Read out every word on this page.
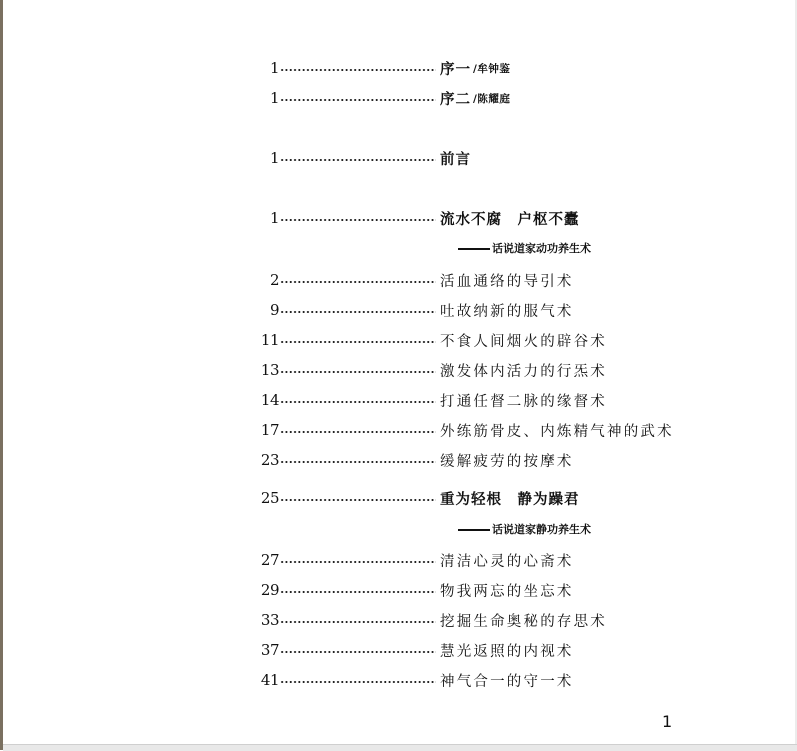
1	序一 /牟钟鉴
1	序二 /陈耀庭
1	前言
1	流水不腐　户枢不蠹
话说道家动功养生术
2	活血通络的导引术
9	吐故纳新的服气术
11	不食人间烟火的辟谷术
13	激发体内活力的行炁术
14	打通任督二脉的缘督术
17	外练筋骨皮、内炼精气神的武术
23	缓解疲劳的按摩术
25	重为轻根　静为躁君
话说道家静功养生术
27	清洁心灵的心斋术
29	物我两忘的坐忘术
33	挖掘生命奥秘的存思术
37	慧光返照的内视术
41	神气合一的守一术
1
